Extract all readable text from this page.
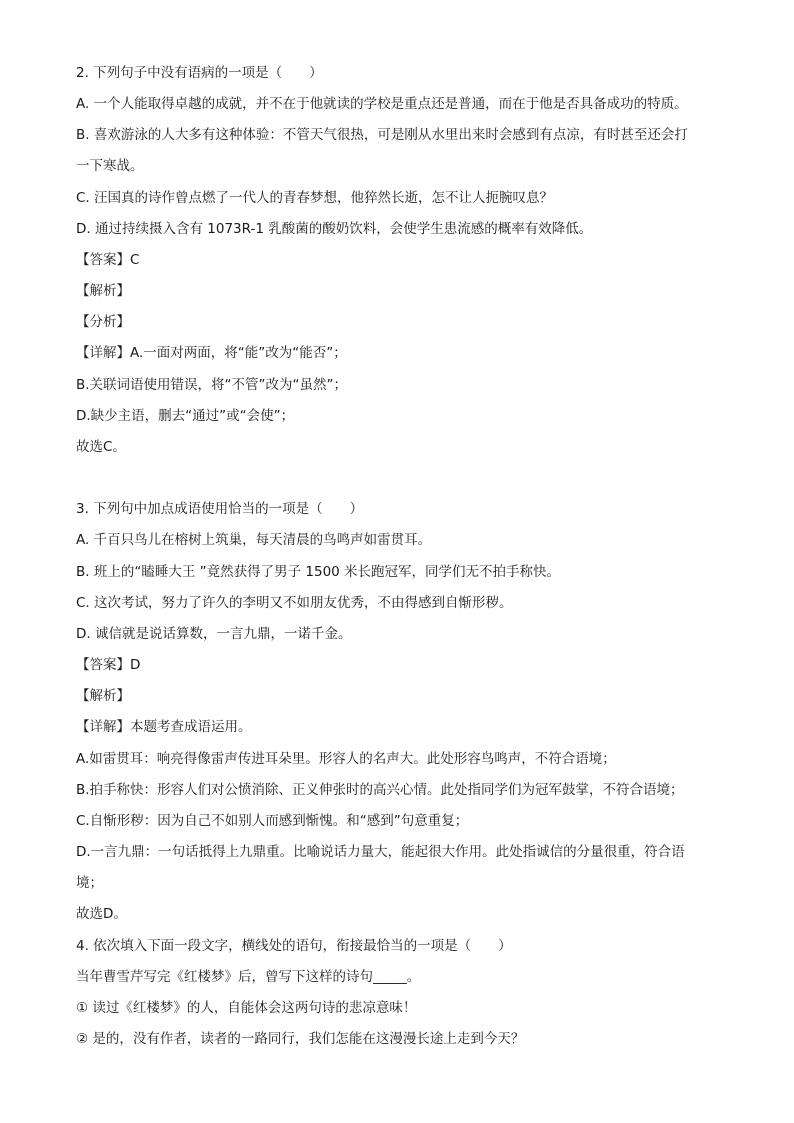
2. 下列句子中没有语病的一项是（　　）
A. 一个人能取得卓越的成就，并不在于他就读的学校是重点还是普通，而在于他是否具备成功的特质。
B. 喜欢游泳的人大多有这种体验：不管天气很热，可是刚从水里出来时会感到有点凉，有时甚至还会打
一下寒战。
C. 汪国真的诗作曾点燃了一代人的青春梦想，他猝然长逝，怎不让人扼腕叹息？
D. 通过持续摄入含有 1073R-1 乳酸菌的酸奶饮料，会使学生患流感的概率有效降低。
【答案】C
【解析】
【分析】
【详解】A.一面对两面，将“能”改为“能否”；
B.关联词语使用错误，将“不管”改为“虽然”；
D.缺少主语，删去“通过”或“会使”；
故选C。
3. 下列句中加点成语使用恰当的一项是（　　）
A. 千百只鸟儿在榕树上筑巢，每天清晨的鸟鸣声如雷贯耳。
B. 班上的“瞌睡大王 ”竟然获得了男子 1500 米长跑冠军，同学们无不拍手称快。
C. 这次考试，努力了许久的李明又不如朋友优秀，不由得感到自惭形秽。
D. 诚信就是说话算数，一言九鼎，一诺千金。
【答案】D
【解析】
【详解】本题考查成语运用。
A.如雷贯耳：响亮得像雷声传进耳朵里。形容人的名声大。此处形容鸟鸣声，不符合语境；
B.拍手称快：形容人们对公愤消除、正义伸张时的高兴心情。此处指同学们为冠军鼓掌，不符合语境；
C.自惭形秽：因为自己不如别人而感到惭愧。和“感到”句意重复；
D.一言九鼎：一句话抵得上九鼎重。比喻说话力量大，能起很大作用。此处指诚信的分量很重，符合语
境；
故选D。
4. 依次填入下面一段文字，横线处的语句，衔接最恰当的一项是（　　）
当年曹雪芹写完《红楼梦》后，曾写下这样的诗句_____。
① 读过《红楼梦》的人，自能体会这两句诗的悲凉意味！
② 是的，没有作者，读者的一路同行，我们怎能在这漫漫长途上走到今天？
